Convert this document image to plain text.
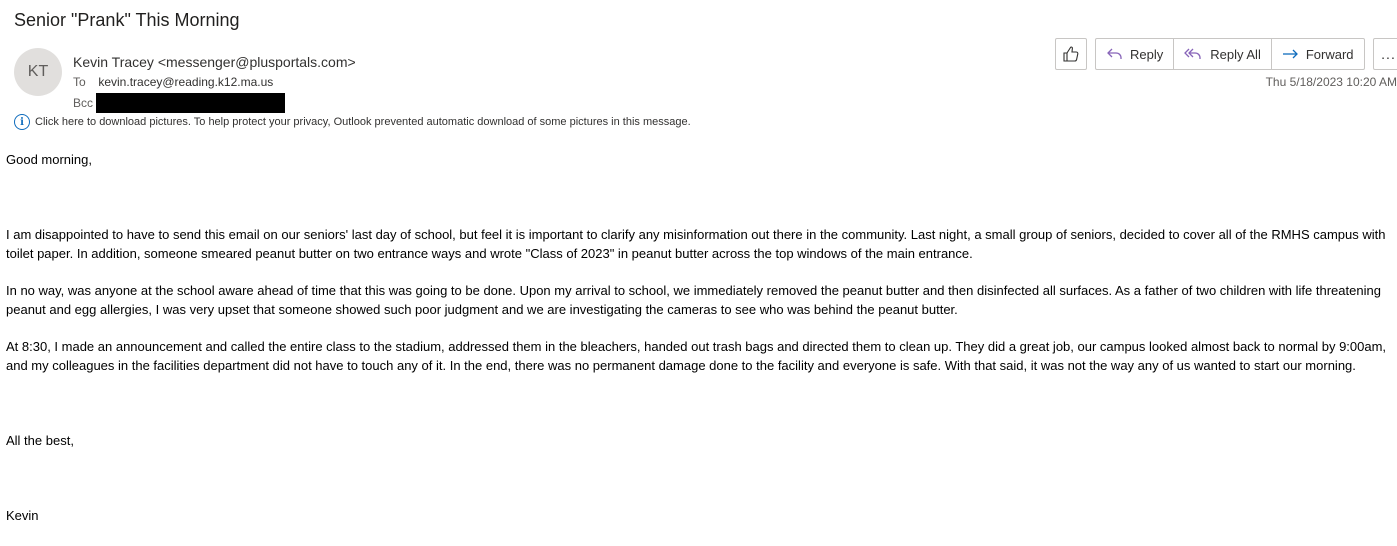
Senior "Prank" This Morning
KT
Kevin Tracey <messenger@plusportals.com>
To kevin.tracey@reading.k12.ma.us
Bcc
i	Click here to download pictures. To help protect your privacy, Outlook prevented automatic download of some pictures in this message.
Reply	Reply All	Forward ...
Thu 5/18/2023 10:20 AM

Good morning,

I am disappointed to have to send this email on our seniors' last day of school, but feel it is important to clarify any misinformation out there in the community. Last night, a small group of seniors, decided to cover all of the RMHS campus with toilet paper. In addition, someone smeared peanut butter on two entrance ways and wrote "Class of 2023" in peanut butter across the top windows of the main entrance.

In no way, was anyone at the school aware ahead of time that this was going to be done. Upon my arrival to school, we immediately removed the peanut butter and then disinfected all surfaces. As a father of two children with life threatening peanut and egg allergies, I was very upset that someone showed such poor judgment and we are investigating the cameras to see who was behind the peanut butter.

At 8:30, I made an announcement and called the entire class to the stadium, addressed them in the bleachers, handed out trash bags and directed them to clean up. They did a great job, our campus looked almost back to normal by 9:00am, and my colleagues in the facilities department did not have to touch any of it. In the end, there was no permanent damage done to the facility and everyone is safe. With that said, it was not the way any of us wanted to start our morning.

All the best,

Kevin
